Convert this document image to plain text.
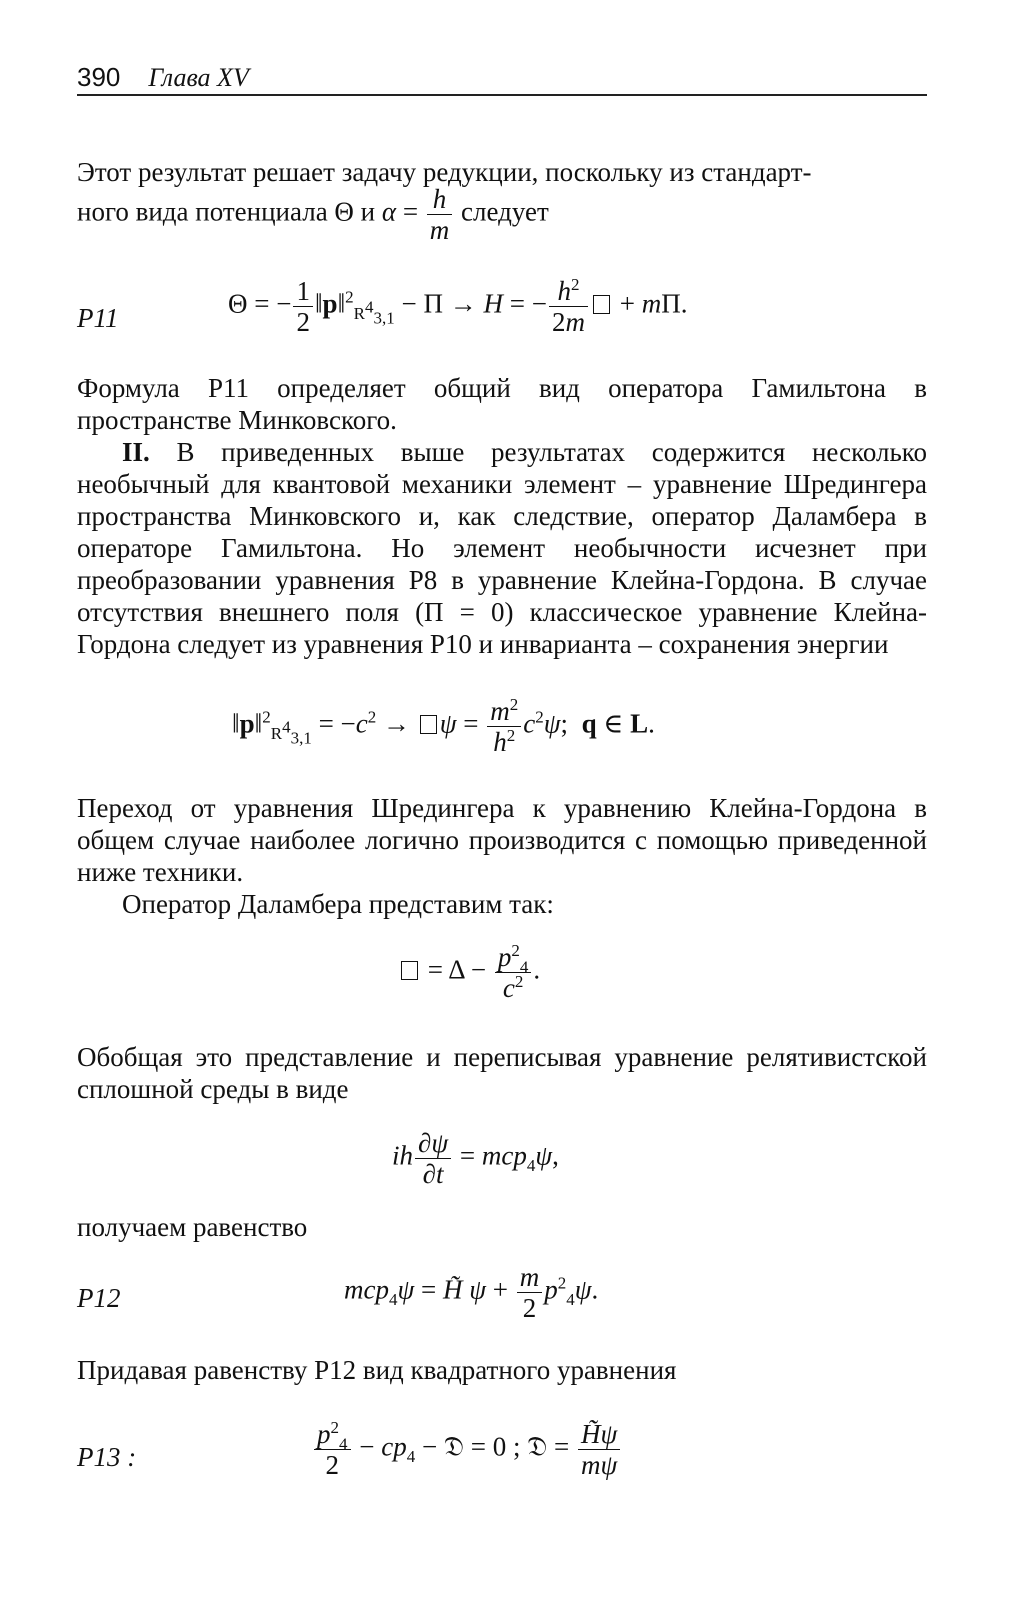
390 Глава XV
Этот результат решает задачу редукции, поскольку из стандарт-
ного вида потенциала Θ и $\alpha = \frac{h}{m}$ следует
P11	Θ = − $\frac{1}{2}$ ‖p‖$^2_{R^4_{3,1}}$ − Π → H = − $\frac{h^2}{2m} + m\Pi$.
Формула P11 определяет общий вид оператора Гамильтона в пространстве Минковского.
II. В приведенных выше результатах содержится несколько необычный для квантовой механики элемент – уравнение Шредингера пространства Минковского и, как следствие, оператор Даламбера в операторе Гамильтона. Но элемент необычности исчезнет при преобразовании уравнения P8 в уравнение Клейна-Гордона. В случае отсутствия внешнего поля (Π = 0) классическое уравнение Клейна-Гордона следует из уравнения P10 и инварианта – сохранения энергии
‖p‖$^2_{R^4_{3,1}}$ = $-c^2 \to \psi = \frac{m^2}{h^2} c^2\psi$;  q ∈ L.
Переход от уравнения Шредингера к уравнению Клейна-Гордона в общем случае наиболее логично производится с помощью приведенной ниже техники.
Оператор Даламбера представим так:
= $\Delta - \frac{p^2_4}{c^2}$ .
Обобщая это представление и переписывая уравнение релятивистской сплошной среды в виде
ih $\frac{\partial\psi}{\partial t} = mcp_4\psi$,
получаем равенство
P12	mcp$_4$ψ = H̃ $\psi + \frac{m}{2} p^2_4\psi$.
Придавая равенству P12 вид квадратного уравнения
P13 :	$\frac{p^2_4}{2} - cp_4$ − 𝔇 = 0 ; 𝔇 = $\frac{H̃\psi}{m\psi}$
